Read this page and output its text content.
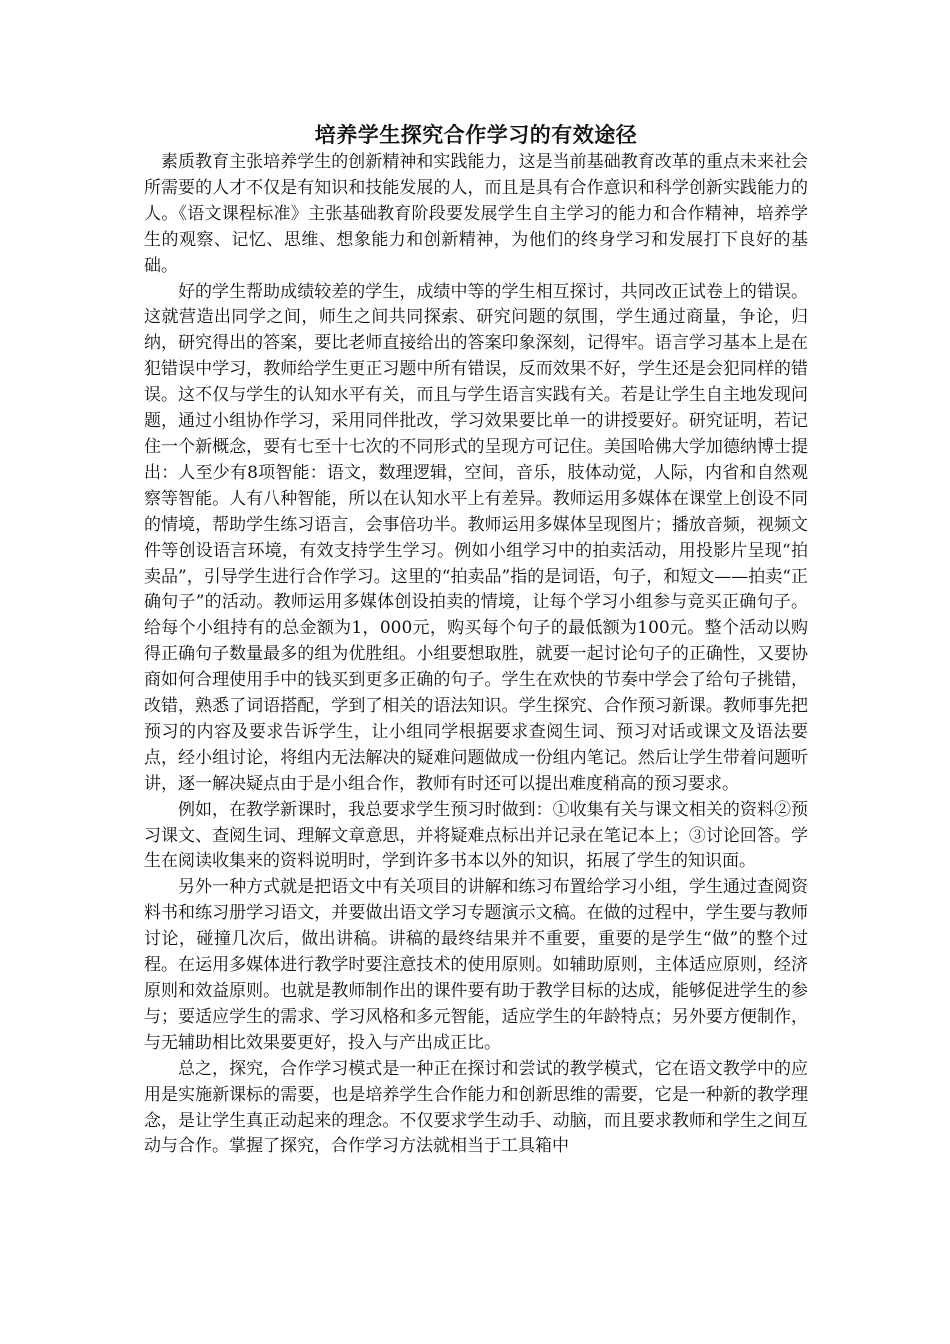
培养学生探究合作学习的有效途径

素质教育主张培养学生的创新精神和实践能力，这是当前基础教育改革的重点未来社会所需要的人才不仅是有知识和技能发展的人，而且是具有合作意识和科学创新实践能力的人。《语文课程标准》主张基础教育阶段要发展学生自主学习的能力和合作精神，培养学生的观察、记忆、思维、想象能力和创新精神，为他们的终身学习和发展打下良好的基础。

好的学生帮助成绩较差的学生，成绩中等的学生相互探讨，共同改正试卷上的错误。这就营造出同学之间，师生之间共同探索、研究问题的氛围，学生通过商量，争论，归纳，研究得出的答案，要比老师直接给出的答案印象深刻，记得牢。语言学习基本上是在犯错误中学习，教师给学生更正习题中所有错误，反而效果不好，学生还是会犯同样的错误。这不仅与学生的认知水平有关，而且与学生语言实践有关。若是让学生自主地发现问题，通过小组协作学习，采用同伴批改，学习效果要比单一的讲授要好。研究证明，若记住一个新概念，要有七至十七次的不同形式的呈现方可记住。美国哈佛大学加德纳博士提出：人至少有8项智能：语文，数理逻辑，空间，音乐，肢体动觉，人际，内省和自然观察等智能。人有八种智能，所以在认知水平上有差异。教师运用多媒体在课堂上创设不同的情境，帮助学生练习语言，会事倍功半。教师运用多媒体呈现图片；播放音频，视频文件等创设语言环境，有效支持学生学习。例如小组学习中的拍卖活动，用投影片呈现“拍卖品”，引导学生进行合作学习。这里的“拍卖品”指的是词语，句子，和短文——拍卖“正确句子”的活动。教师运用多媒体创设拍卖的情境，让每个学习小组参与竞买正确句子。给每个小组持有的总金额为1，000元，购买每个句子的最低额为100元。整个活动以购得正确句子数量最多的组为优胜组。小组要想取胜，就要一起讨论句子的正确性，又要协商如何合理使用手中的钱买到更多正确的句子。学生在欢快的节奏中学会了给句子挑错，改错，熟悉了词语搭配，学到了相关的语法知识。学生探究、合作预习新课。教师事先把预习的内容及要求告诉学生，让小组同学根据要求查阅生词、预习对话或课文及语法要点，经小组讨论，将组内无法解决的疑难问题做成一份组内笔记。然后让学生带着问题听讲，逐一解决疑点由于是小组合作，教师有时还可以提出难度稍高的预习要求。

例如，在教学新课时，我总要求学生预习时做到：①收集有关与课文相关的资料②预习课文、查阅生词、理解文章意思，并将疑难点标出并记录在笔记本上；③讨论回答。学生在阅读收集来的资料说明时，学到许多书本以外的知识，拓展了学生的知识面。

另外一种方式就是把语文中有关项目的讲解和练习布置给学习小组，学生通过查阅资料书和练习册学习语文，并要做出语文学习专题演示文稿。在做的过程中，学生要与教师讨论，碰撞几次后，做出讲稿。讲稿的最终结果并不重要，重要的是学生“做”的整个过程。在运用多媒体进行教学时要注意技术的使用原则。如辅助原则，主体适应原则，经济原则和效益原则。也就是教师制作出的课件要有助于教学目标的达成，能够促进学生的参与；要适应学生的需求、学习风格和多元智能，适应学生的年龄特点；另外要方便制作，与无辅助相比效果要更好，投入与产出成正比。

总之，探究，合作学习模式是一种正在探讨和尝试的教学模式，它在语文教学中的应用是实施新课标的需要，也是培养学生合作能力和创新思维的需要，它是一种新的教学理念，是让学生真正动起来的理念。不仅要求学生动手、动脑，而且要求教师和学生之间互动与合作。掌握了探究，合作学习方法就相当于工具箱中
